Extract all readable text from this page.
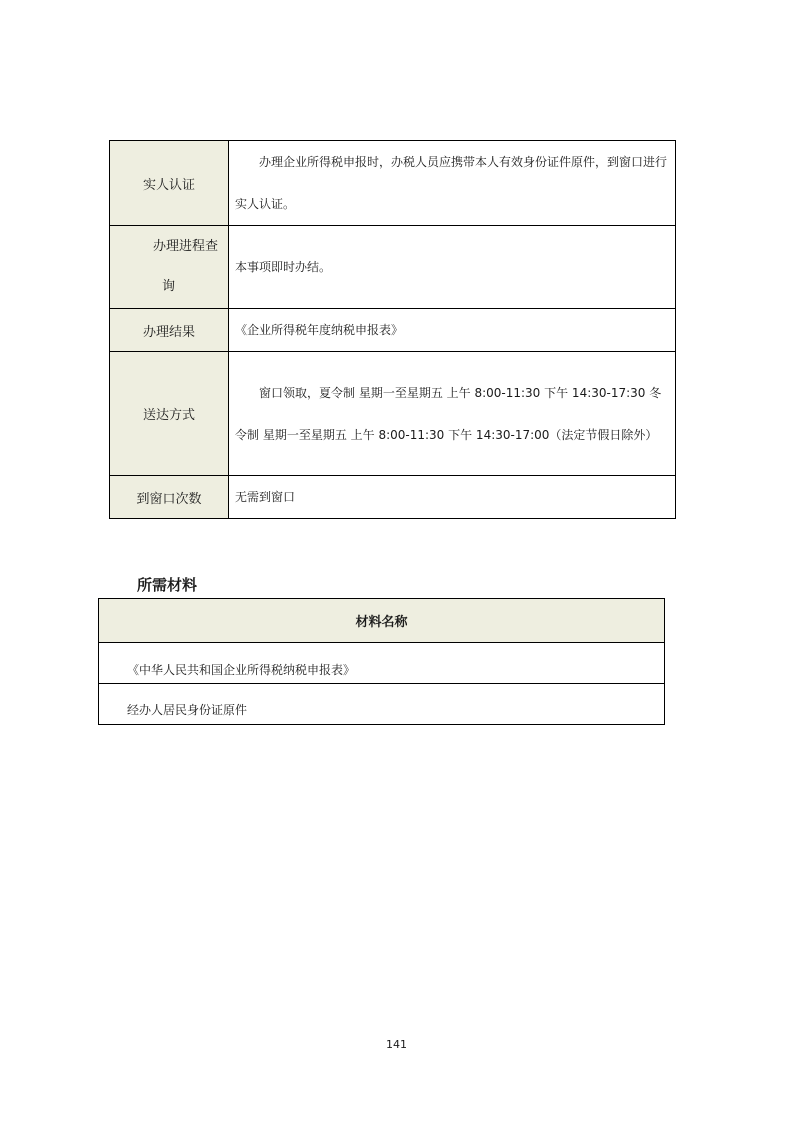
实人认证	办理企业所得税申报时，办税人员应携带本人有效身份证件原件，到窗口进行实人认证。

办理进程查
询	本事项即时办结。
办理结果	《企业所得税年度纳税申报表》
送达方式	窗口领取，夏令制 星期一至星期五 上午 8:00-11:30 下午 14:30-17:30 冬令制 星期一至星期五 上午 8:00-11:30 下午 14:30-17:00（法定节假日除外）
到窗口次数	无需到窗口
所需材料
材料名称
《中华人民共和国企业所得税纳税申报表》
经办人居民身份证原件
141
